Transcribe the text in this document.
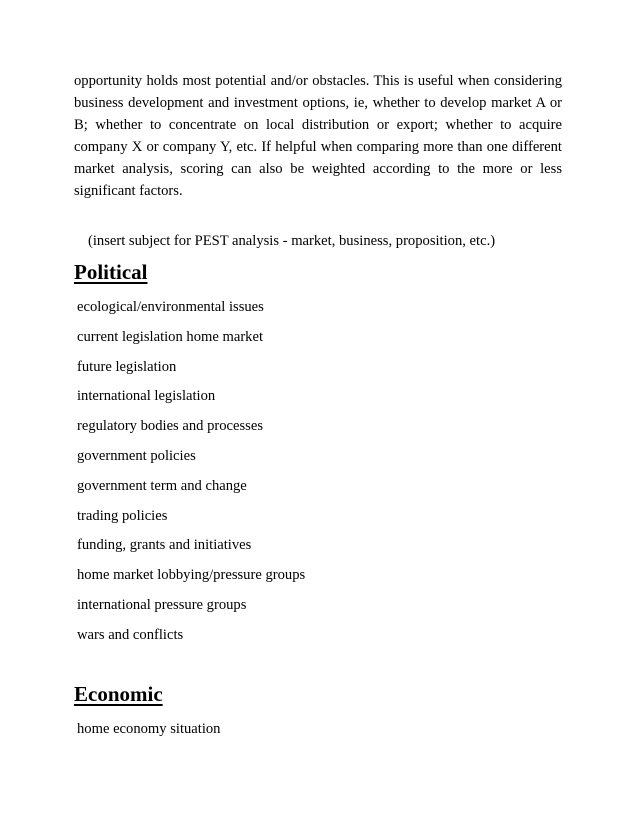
opportunity holds most potential and/or obstacles. This is useful when considering business development and investment options, ie, whether to develop market A or B; whether to concentrate on local distribution or export; whether to acquire company X or company Y, etc. If helpful when comparing more than one different market analysis, scoring can also be weighted according to the more or less significant factors.

(insert subject for PEST analysis - market, business, proposition, etc.)

Political
ecological/environmental issues
current legislation home market
future legislation
international legislation
regulatory bodies and processes
government policies
government term and change
trading policies
funding, grants and initiatives
home market lobbying/pressure groups
international pressure groups
wars and conflicts
Economic
home economy situation
